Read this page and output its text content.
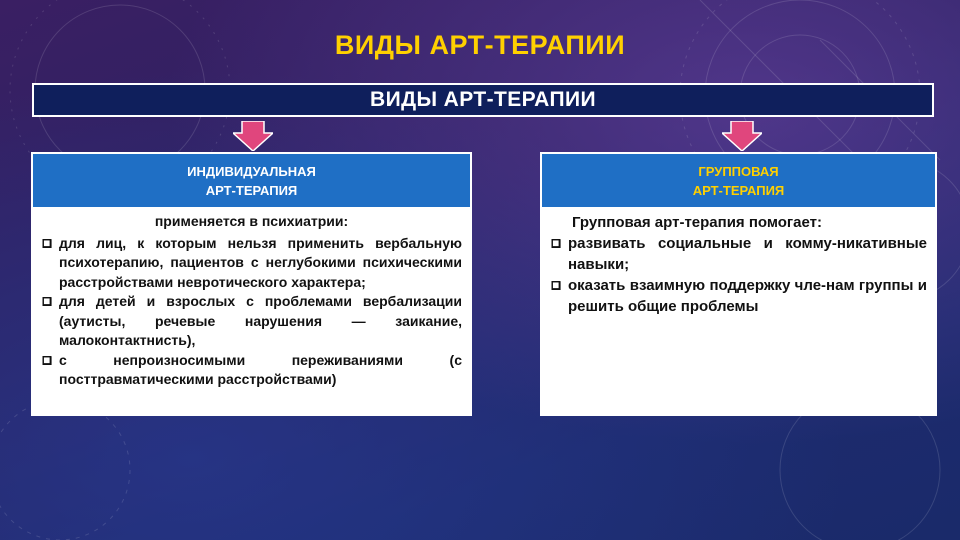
ВИДЫ АРТ-ТЕРАПИИ
ВИДЫ АРТ-ТЕРАПИИ
ИНДИВИДУАЛЬНАЯ
АРТ-ТЕРАПИЯ
применяется в психиатрии:
для лиц, к которым нельзя применить вербальную психотерапию, пациентов с неглубокими психическими расстройствами невротического характера;
для детей и взрослых с проблемами вербализации (аутисты, речевые нарушения — заикание, малоконтактнисть),
с непроизносимыми переживаниями (с посттравматическими расстройствами)
ГРУППОВАЯ
АРТ-ТЕРАПИЯ
Групповая арт-терапия помогает:
развивать социальные и комму-никативные навыки;
оказать взаимную поддержку чле-нам группы и решить общие проблемы
